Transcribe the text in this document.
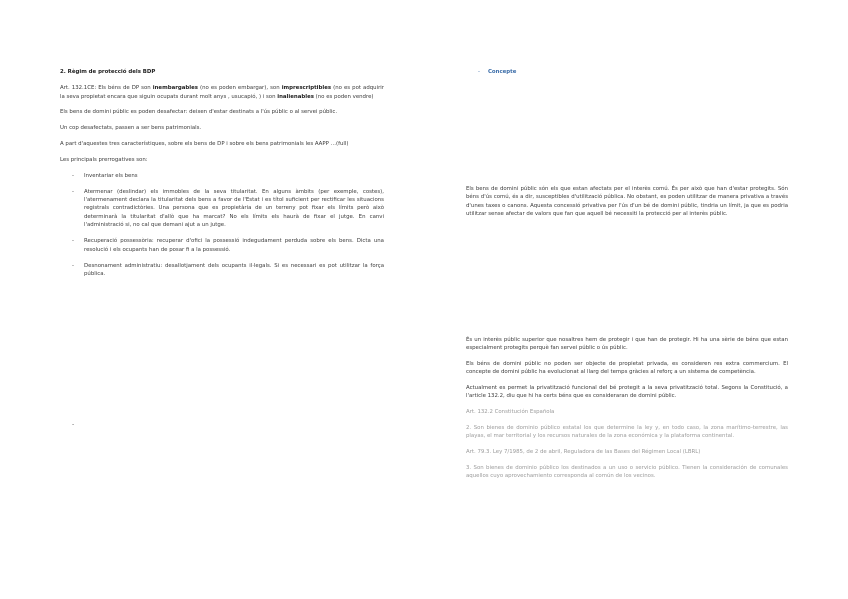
2. Règim de protecció dels BDP

Art. 132.1CE: Els béns de DP son inembargables (no es poden embargar), son imprescriptibles (no es pot adquirir la seva propietat encara que siguin ocupats durant molt anys , usucapió, ) i son inalienables (no es poden vendre)

Els bens de domini públic es poden desafectar: deixen d'estar destinats a l'ús públic o al servei públic.

Un cop desafectats, passen a ser bens patrimonials.

A part d'aquestes tres característiques, sobre els bens de DP i sobre els bens patrimonials les AAPP …(full)

Les principals prerrogatives son:

- Inventariar els bens
- Atermenar (deslindar) els immobles de la seva titularitat. En alguns àmbits (per exemple, costes), l'atermenament declara la titularitat dels bens a favor de l'Estat i es títol suficient per rectificar les situacions registrals contradictòries. Una persona que es propietària de un terreny pot fixar els límits però això determinarà la titularitat d'allò que ha marcat? No els límits els haurà de fixar el jutge. En canvi l'administració si, no cal que demani ajut a un jutge.
- Recuperació possessòria: recuperar d'ofici la possessió indegudament perduda sobre els bens. Dicta una resolució i els ocupants han de posar fi a la possessió.
- Desnonament administratiu: desallotjament dels ocupants il·legals. Si es necessari es pot utilitzar la força pública.
-

- Concepte

Els bens de domini públic són els que estan afectats per el interès comú. És per això que han d'estar protegits. Són béns d'ús comú, és a dir, susceptibles d'utilització pública. No obstant, es poden utilitzar de manera privativa a través d'unes taxes o canons. Aquesta concessió privativa per l'ús d'un bé de domini públic, tindria un límit, ja que es podria utilitzar sense afectar de valors que fan que aquell bé necessiti la protecció per al interès públic.

És un interès públic superior que nosaltres hem de protegir i que han de protegir. Hi ha una sèrie de béns que estan especialment protegits perquè fan servei públic o ús públic.

Els béns de domini públic no poden ser objecte de propietat privada, es consideren res extra commercium. El concepte de domini públic ha evolucionat al llarg del temps gràcies al reforç a un sistema de competència.

Actualment es permet la privatització funcional del bé protegit a la seva privatització total. Segons la Constitució, a l'article 132.2, diu que hi ha certs béns que es consideraran de domini públic.

Art. 132.2 Constitución Española

2. Son bienes de dominio público estatal los que determine la ley y, en todo caso, la zona marítimo-terrestre, las playas, el mar territorial y los recursos naturales de la zona económica y la plataforma continental.

Art. 79.3. Ley 7/1985, de 2 de abril, Reguladora de las Bases del Régimen Local (LBRL)

3. Son bienes de dominio público los destinados a un uso o servicio público. Tienen la consideración de comunales aquellos cuyo aprovechamiento corresponda al común de los vecinos.
